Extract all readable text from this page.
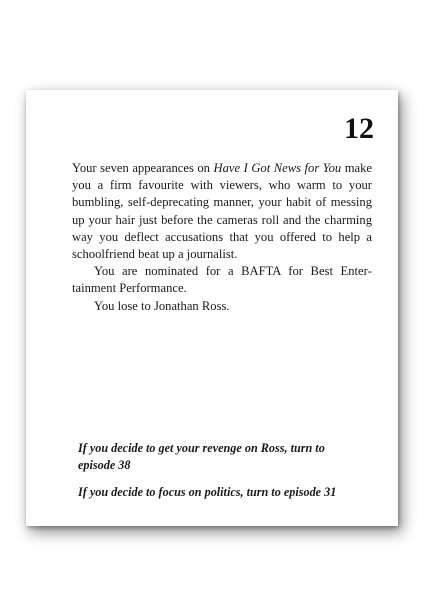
12

Your seven appearances on Have I Got News for You make you a firm favourite with viewers, who warm to your bumbling, self-deprecating manner, your habit of messing up your hair just before the cameras roll and the charming way you deflect accusations that you offered to help a schoolfriend beat up a journalist.

You are nominated for a BAFTA for Best Entertainment Performance.

You lose to Jonathan Ross.

If you decide to get your revenge on Ross, turn to episode 38

If you decide to focus on politics, turn to episode 31
